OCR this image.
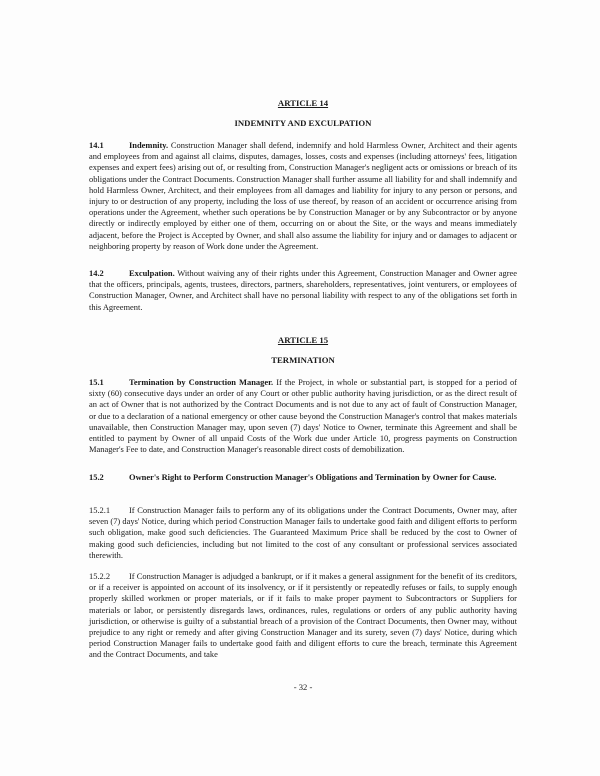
ARTICLE 14
INDEMNITY AND EXCULPATION
14.1	Indemnity. Construction Manager shall defend, indemnify and hold Harmless Owner, Architect and their agents and employees from and against all claims, disputes, damages, losses, costs and expenses (including attorneys' fees, litigation expenses and expert fees) arising out of, or resulting from, Construction Manager's negligent acts or omissions or breach of its obligations under the Contract Documents. Construction Manager shall further assume all liability for and shall indemnify and hold Harmless Owner, Architect, and their employees from all damages and liability for injury to any person or persons, and injury to or destruction of any property, including the loss of use thereof, by reason of an accident or occurrence arising from operations under the Agreement, whether such operations be by Construction Manager or by any Subcontractor or by anyone directly or indirectly employed by either one of them, occurring on or about the Site, or the ways and means immediately adjacent, before the Project is Accepted by Owner, and shall also assume the liability for injury and or damages to adjacent or neighboring property by reason of Work done under the Agreement.
14.2	Exculpation. Without waiving any of their rights under this Agreement, Construction Manager and Owner agree that the officers, principals, agents, trustees, directors, partners, shareholders, representatives, joint venturers, or employees of Construction Manager, Owner, and Architect shall have no personal liability with respect to any of the obligations set forth in this Agreement.
ARTICLE 15
TERMINATION
15.1	Termination by Construction Manager. If the Project, in whole or substantial part, is stopped for a period of sixty (60) consecutive days under an order of any Court or other public authority having jurisdiction, or as the direct result of an act of Owner that is not authorized by the Contract Documents and is not due to any act of fault of Construction Manager, or due to a declaration of a national emergency or other cause beyond the Construction Manager's control that makes materials unavailable, then Construction Manager may, upon seven (7) days' Notice to Owner, terminate this Agreement and shall be entitled to payment by Owner of all unpaid Costs of the Work due under Article 10, progress payments on Construction Manager's Fee to date, and Construction Manager's reasonable direct costs of demobilization.
15.2	Owner's Right to Perform Construction Manager's Obligations and Termination by Owner for Cause.
15.2.1 If Construction Manager fails to perform any of its obligations under the Contract Documents, Owner may, after seven (7) days' Notice, during which period Construction Manager fails to undertake good faith and diligent efforts to perform such obligation, make good such deficiencies. The Guaranteed Maximum Price shall be reduced by the cost to Owner of making good such deficiencies, including but not limited to the cost of any consultant or professional services associated therewith.
15.2.2 If Construction Manager is adjudged a bankrupt, or if it makes a general assignment for the benefit of its creditors, or if a receiver is appointed on account of its insolvency, or if it persistently or repeatedly refuses or fails, to supply enough properly skilled workmen or proper materials, or if it fails to make proper payment to Subcontractors or Suppliers for materials or labor, or persistently disregards laws, ordinances, rules, regulations or orders of any public authority having jurisdiction, or otherwise is guilty of a substantial breach of a provision of the Contract Documents, then Owner may, without prejudice to any right or remedy and after giving Construction Manager and its surety, seven (7) days' Notice, during which period Construction Manager fails to undertake good faith and diligent efforts to cure the breach, terminate this Agreement and the Contract Documents, and take
- 32 -
